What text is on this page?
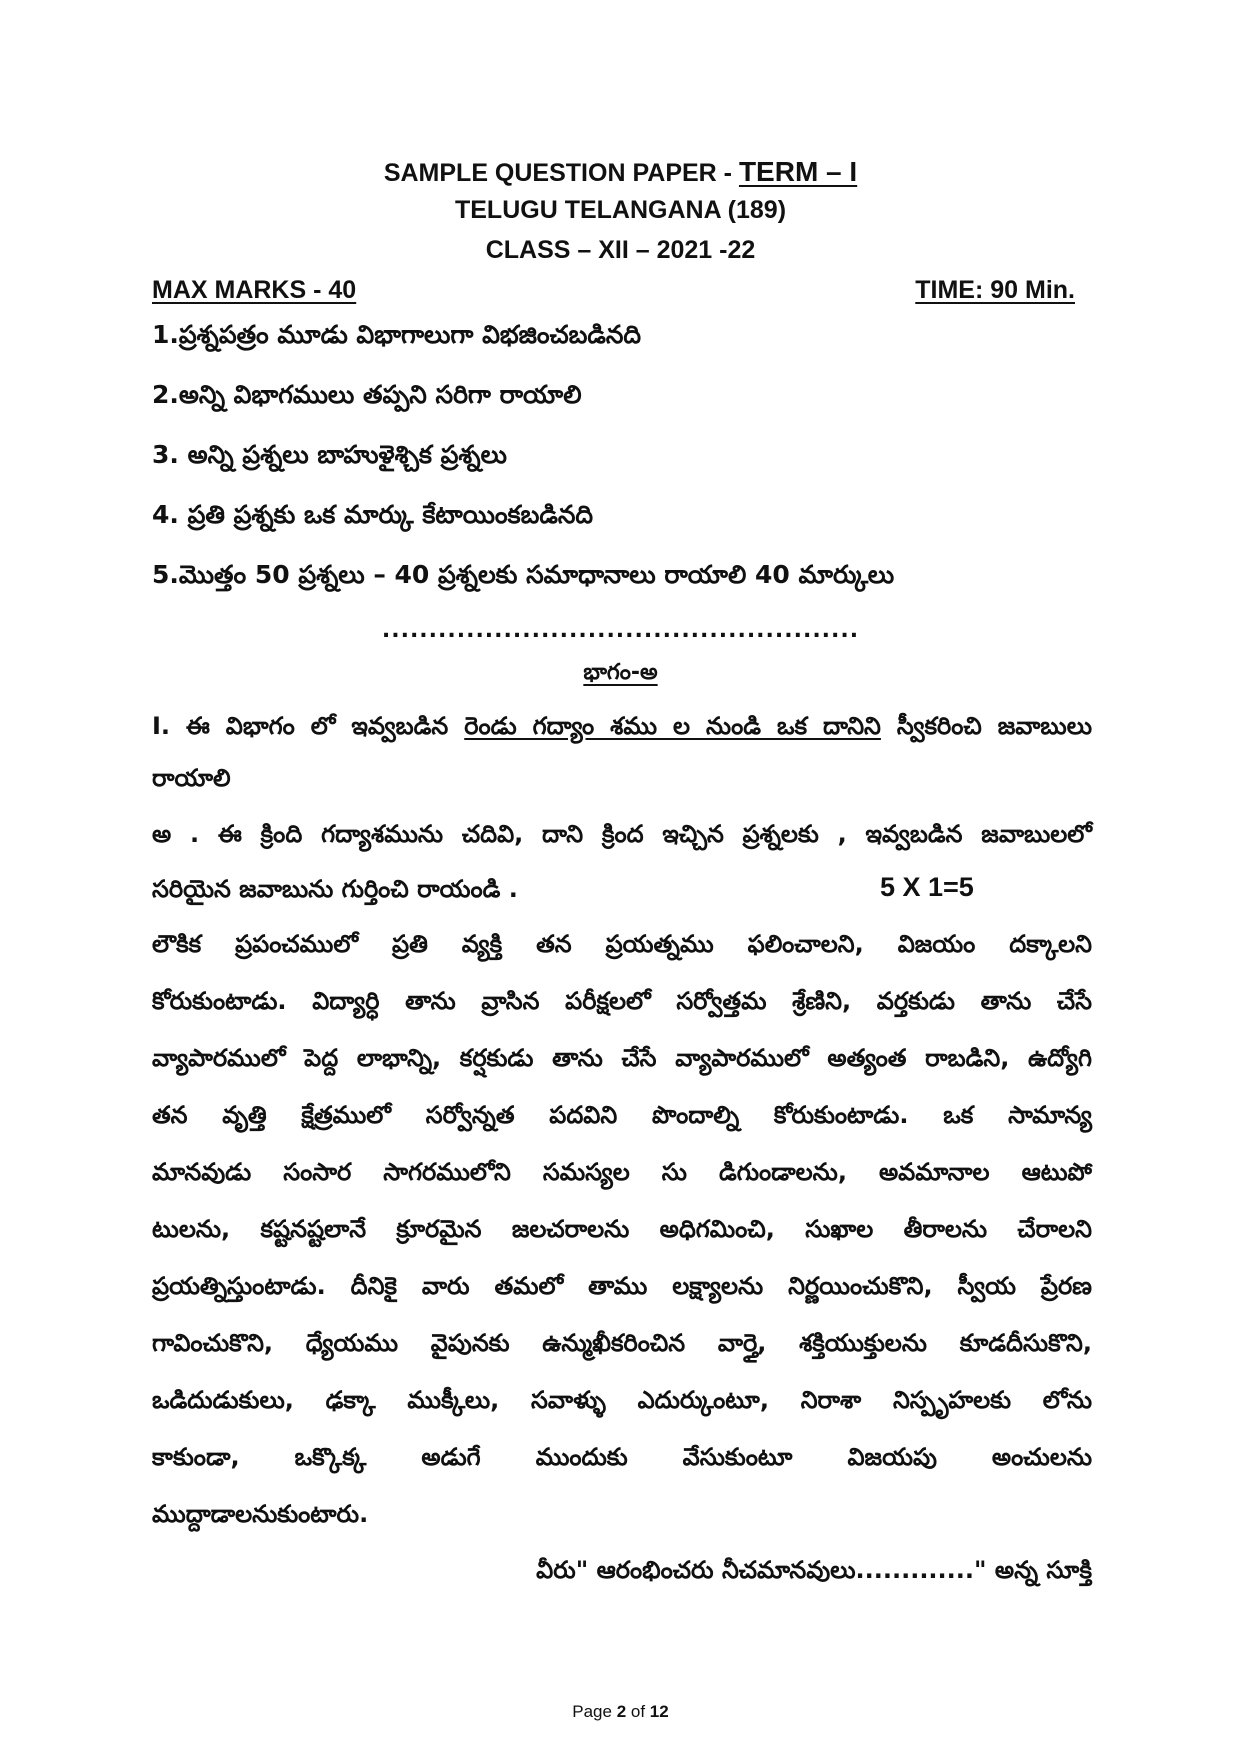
SAMPLE QUESTION PAPER - TERM – I
TELUGU TELANGANA (189)
CLASS – XII – 2021 -22
MAX MARKS - 40	TIME: 90 Min.
1.ప్రశ్నపత్రం మూడు విభాగాలుగా విభజించబడినది
2.అన్ని విభాగములు తప్పని సరిగా రాయాలి
3. అన్ని ప్రశ్నలు బాహుళైశ్చిక ప్రశ్నలు
4. ప్రతి ప్రశ్నకు ఒక మార్కు కేటాయింకబడినది
5.మొత్తం 50 ప్రశ్నలు – 40 ప్రశ్నలకు సమాధానాలు రాయాలి 40 మార్కులు
...................................................
భాగం-అ
I. ఈ విభాగం లో ఇవ్వబడిన రెండు గద్యాం శము ల నుండి ఒక దానిని స్వీకరించి జవాబులు
రాయాలి
అ . ఈ క్రింది గద్యాశమును చదివి, దాని క్రింద ఇచ్చిన ప్రశ్నలకు , ఇవ్వబడిన జవాబులలో
సరియైన జవాబును గుర్తించి రాయండి .	5 X 1=5
లౌకిక ప్రపంచములో ప్రతి వ్యక్తి తన ప్రయత్నము ఫలించాలని, విజయం దక్కాలని
కోరుకుంటాడు. విద్యార్ధి తాను వ్రాసిన పరీక్షలలో సర్వోత్తమ శ్రేణిని, వర్తకుడు తాను చేసే
వ్యాపారములో పెద్ద లాభాన్ని, కర్షకుడు తాను చేసే వ్యాపారములో అత్యంత రాబడిని, ఉద్యోగి
తన వృత్తి క్షేత్రములో సర్వోన్నత పదవిని పొందాల్ని కోరుకుంటాడు. ఒక సామాన్య
మానవుడు సంసార సాగరములోని సమస్యల సు డిగుండాలను, అవమానాల ఆటుపో
టులను, కష్టనష్టలానే క్రూరమైన జలచరాలను అధిగమించి, సుఖాల తీరాలను చేరాలని
ప్రయత్నిస్తుంటాడు. దీనికై వారు తమలో తాము లక్ష్యాలను నిర్ణయించుకొని, స్వీయ ప్రేరణ
గావించుకొని, ధ్యేయము వైపునకు ఉన్ముఖీకరించిన వార్తై, శక్తియుక్తులను కూడదీసుకొని,
ఒడిదుడుకులు, ఢక్కా ముక్కీలు, సవాళ్ళు ఎదుర్కుంటూ, నిరాశా నిస్పృహలకు లోను
కాకుండా, ఒక్కొక్క అడుగే ముందుకు వేసుకుంటూ విజయపు అంచులను
ముద్దాడాలనుకుంటారు.
వీరు" ఆరంభించరు నీచమానవులు............." అన్న సూక్తి
Page 2 of 12
